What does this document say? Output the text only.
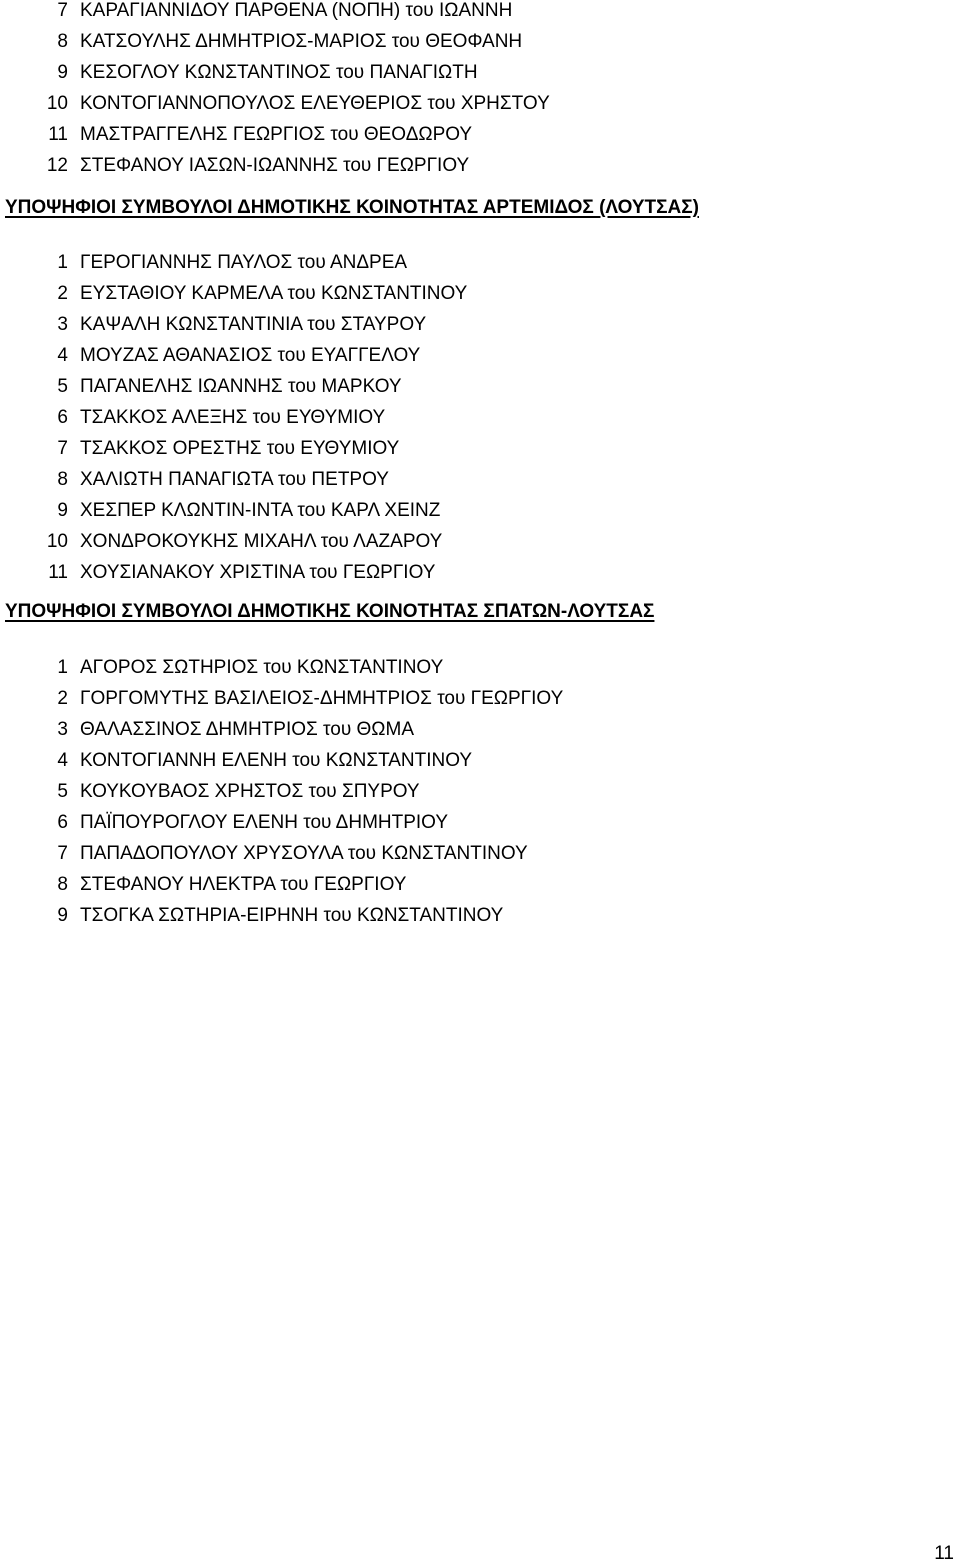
7 ΚΑΡΑΓΙΑΝΝΙΔΟΥ ΠΑΡΘΕΝΑ (ΝΟΠΗ) του ΙΩΑΝΝΗ
8 ΚΑΤΣΟΥΛΗΣ ΔΗΜΗΤΡΙΟΣ-ΜΑΡΙΟΣ του ΘΕΟΦΑΝΗ
9 ΚΕΣΟΓΛΟΥ ΚΩΝΣΤΑΝΤΙΝΟΣ του ΠΑΝΑΓΙΩΤΗ
10 ΚΟΝΤΟΓΙΑΝΝΟΠΟΥΛΟΣ ΕΛΕΥΘΕΡΙΟΣ του ΧΡΗΣΤΟΥ
11 ΜΑΣΤΡΑΓΓΕΛΗΣ ΓΕΩΡΓΙΟΣ του ΘΕΟΔΩΡΟΥ
12 ΣΤΕΦΑΝΟΥ ΙΑΣΩΝ-ΙΩΑΝΝΗΣ του ΓΕΩΡΓΙΟΥ
ΥΠΟΨΗΦΙΟΙ ΣΥΜΒΟΥΛΟΙ ΔΗΜΟΤΙΚΗΣ ΚΟΙΝΟΤΗΤΑΣ ΑΡΤΕΜΙΔΟΣ (ΛΟΥΤΣΑΣ)
1 ΓΕΡΟΓΙΑΝΝΗΣ ΠΑΥΛΟΣ του ΑΝΔΡΕΑ
2 ΕΥΣΤΑΘΙΟΥ ΚΑΡΜΕΛΑ του ΚΩΝΣΤΑΝΤΙΝΟΥ
3 ΚΑΨΑΛΗ ΚΩΝΣΤΑΝΤΙΝΙΑ του ΣΤΑΥΡΟΥ
4 ΜΟΥΖΑΣ ΑΘΑΝΑΣΙΟΣ του ΕΥΑΓΓΕΛΟΥ
5 ΠΑΓΑΝΕΛΗΣ ΙΩΑΝΝΗΣ του ΜΑΡΚΟΥ
6 ΤΣΑΚΚΟΣ ΑΛΕΞΗΣ του ΕΥΘΥΜΙΟΥ
7 ΤΣΑΚΚΟΣ ΟΡΕΣΤΗΣ του ΕΥΘΥΜΙΟΥ
8 ΧΑΛΙΩΤΗ ΠΑΝΑΓΙΩΤΑ του ΠΕΤΡΟΥ
9 ΧΕΣΠΕΡ ΚΛΩΝΤΙΝ-ΙΝΤΑ του ΚΑΡΛ ΧΕΙΝΖ
10 ΧΟΝΔΡΟΚΟΥΚΗΣ ΜΙΧΑΗΛ του ΛΑΖΑΡΟΥ
11 ΧΟΥΣΙΑΝΑΚΟΥ ΧΡΙΣΤΙΝΑ του ΓΕΩΡΓΙΟΥ
ΥΠΟΨΗΦΙΟΙ ΣΥΜΒΟΥΛΟΙ ΔΗΜΟΤΙΚΗΣ ΚΟΙΝΟΤΗΤΑΣ ΣΠΑΤΩΝ-ΛΟΥΤΣΑΣ
1 ΑΓΟΡΟΣ ΣΩΤΗΡΙΟΣ του ΚΩΝΣΤΑΝΤΙΝΟΥ
2 ΓΟΡΓΟΜΥΤΗΣ ΒΑΣΙΛΕΙΟΣ-ΔΗΜΗΤΡΙΟΣ του ΓΕΩΡΓΙΟΥ
3 ΘΑΛΑΣΣΙΝΟΣ ΔΗΜΗΤΡΙΟΣ του ΘΩΜΑ
4 ΚΟΝΤΟΓΙΑΝΝΗ ΕΛΕΝΗ του ΚΩΝΣΤΑΝΤΙΝΟΥ
5 ΚΟΥΚΟΥΒΑΟΣ ΧΡΗΣΤΟΣ του ΣΠΥΡΟΥ
6 ΠΑΪΠΟΥΡΟΓΛΟΥ ΕΛΕΝΗ του ΔΗΜΗΤΡΙΟΥ
7 ΠΑΠΑΔΟΠΟΥΛΟΥ ΧΡΥΣΟΥΛΑ του ΚΩΝΣΤΑΝΤΙΝΟΥ
8 ΣΤΕΦΑΝΟΥ ΗΛΕΚΤΡΑ του ΓΕΩΡΓΙΟΥ
9 ΤΣΟΓΚΑ ΣΩΤΗΡΙΑ-ΕΙΡΗΝΗ του ΚΩΝΣΤΑΝΤΙΝΟΥ
11
